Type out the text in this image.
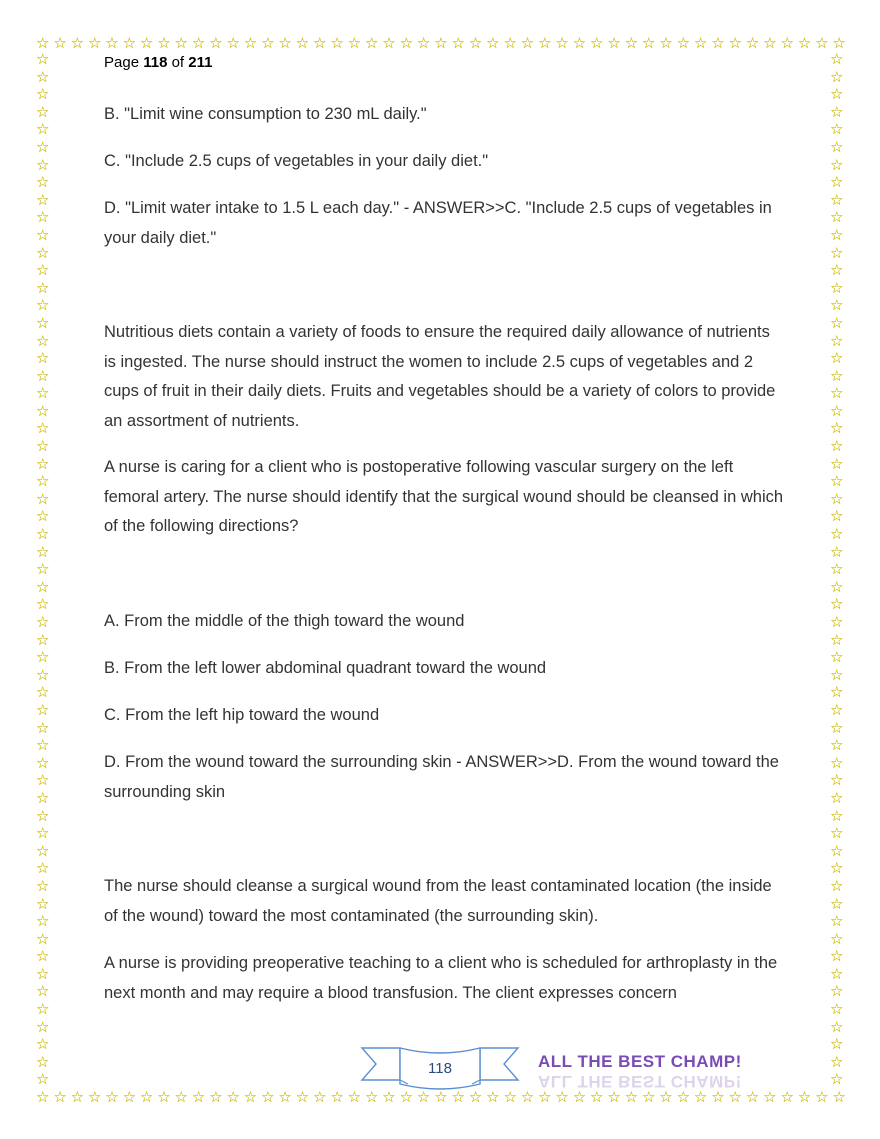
☆ ☆ ☆ ☆ ☆ ☆ ☆ ☆ ☆ ☆ ☆ ☆ ☆ ☆ ☆ ☆ ☆ ☆ ☆ ☆ ☆ ☆ ☆ ☆ ☆ ☆ ☆ ☆ ☆ ☆ ☆ ☆ ☆ ☆ ☆ ☆ ☆ ☆ ☆ ☆ ☆ ☆ ☆ ☆ ☆ ☆ ☆
☆ ☆ ☆ ☆ ☆ ☆ ☆ ☆ ☆ ☆ ☆ ☆ ☆ ☆ ☆ ☆ ☆ ☆ ☆ ☆ ☆ ☆ ☆ ☆ ☆ ☆ ☆ ☆ ☆ ☆ ☆ ☆ ☆ ☆ ☆ ☆ ☆ ☆ ☆ ☆ ☆ ☆ ☆ ☆ ☆ ☆ ☆
☆
☆
☆
☆
☆
☆
☆
☆
☆
☆
☆
☆
☆
☆
☆
☆
☆
☆
☆
☆
☆
☆
☆
☆
☆
☆
☆
☆
☆
☆
☆
☆
☆
☆
☆
☆
☆
☆
☆
☆
☆
☆
☆
☆
☆
☆
☆
☆
☆
☆
☆
☆
☆
☆
☆
☆
☆
☆
☆
☆
☆
☆
☆
☆
☆
☆
☆
☆
☆
☆
☆
☆
☆
☆
☆
☆
☆
☆
☆
☆
☆
☆
☆
☆
☆
☆
☆
☆
☆
☆
☆
☆
☆
☆
☆
☆
☆
☆
☆
☆
☆
☆
☆
☆
☆
☆
☆
☆
☆
☆
☆
☆
☆
☆
☆
☆
☆
☆
Page 118 of 211

B. "Limit wine consumption to 230 mL daily."

C. "Include 2.5 cups of vegetables in your daily diet."

D. "Limit water intake to 1.5 L each day." - ANSWER>>C. "Include 2.5 cups of vegetables in your daily diet."

Nutritious diets contain a variety of foods to ensure the required daily allowance of nutrients is ingested. The nurse should instruct the women to include 2.5 cups of vegetables and 2 cups of fruit in their daily diets. Fruits and vegetables should be a variety of colors to provide an assortment of nutrients.

A nurse is caring for a client who is postoperative following vascular surgery on the left femoral artery. The nurse should identify that the surgical wound should be cleansed in which of the following directions?

A. From the middle of the thigh toward the wound

B. From the left lower abdominal quadrant toward the wound

C. From the left hip toward the wound

D. From the wound toward the surrounding skin - ANSWER>>D. From the wound toward the surrounding skin

The nurse should cleanse a surgical wound from the least contaminated location (the inside of the wound) toward the most contaminated (the surrounding skin).

A nurse is providing preoperative teaching to a client who is scheduled for arthroplasty in the next month and may require a blood transfusion. The client expresses concern

118	ALL THE BEST CHAMP!
ALL THE BEST CHAMP!
